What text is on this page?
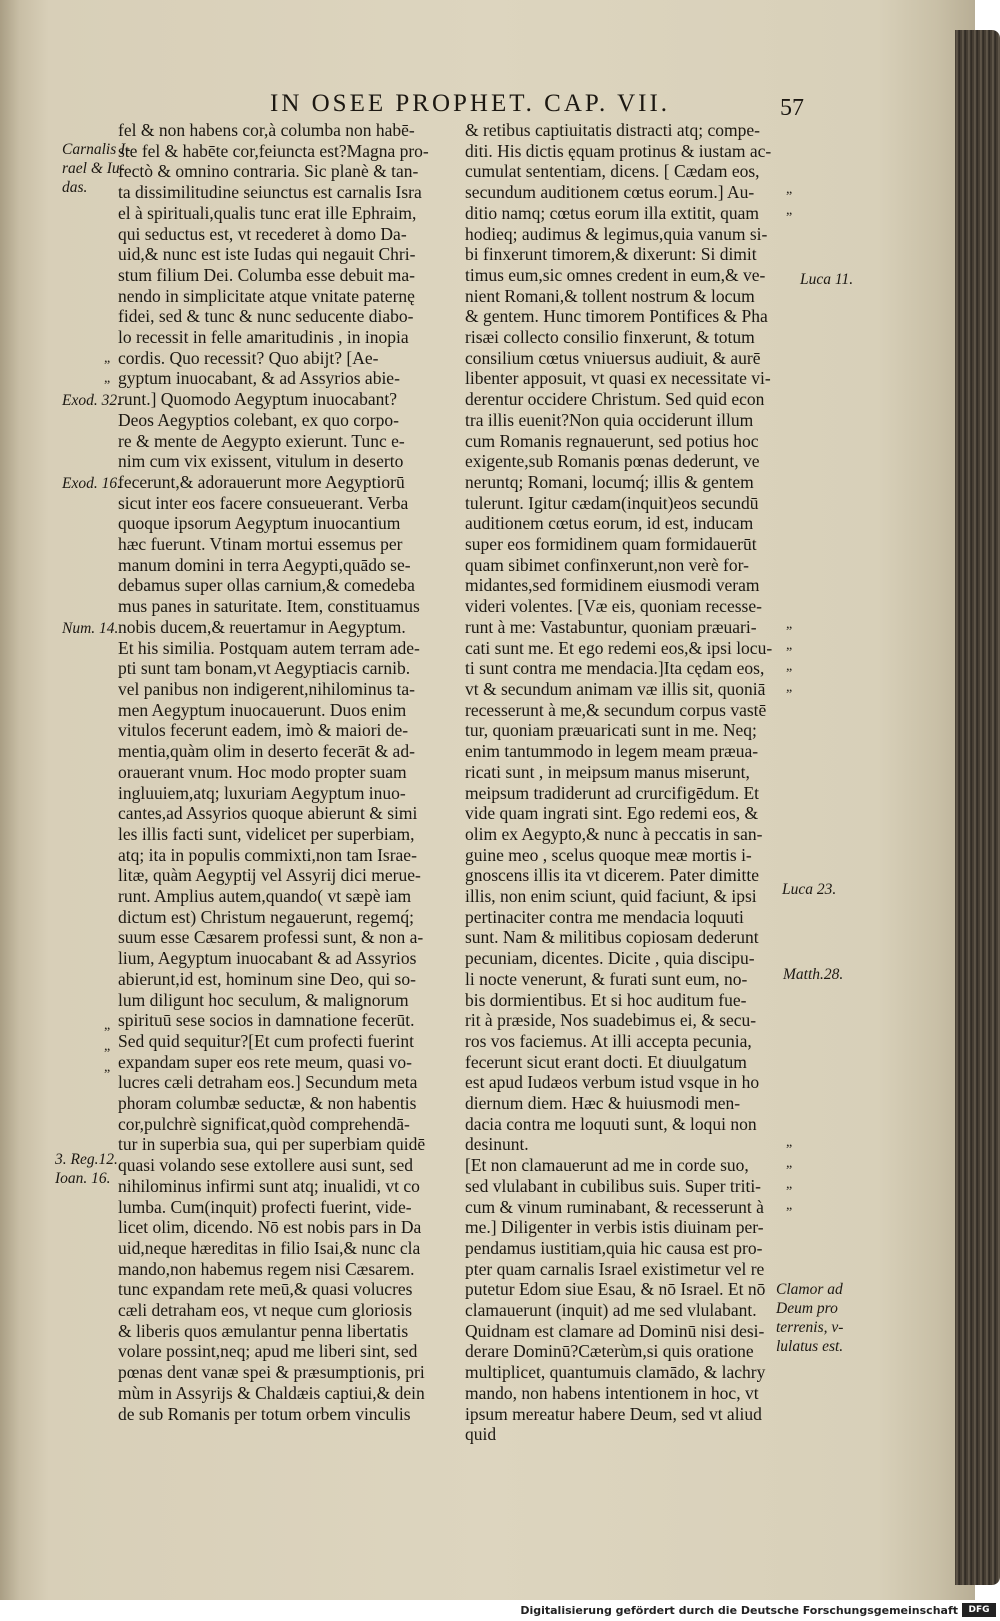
IN OSEE PROPHET. CAP. VII.	57
fel & non habens cor,à columba non habē-
ste fel & habēte cor,feiuncta est?Magna pro-
fectò & omnino contraria. Sic planè & tan-
ta dissimilitudine seiunctus est carnalis Isra
el à spirituali,qualis tunc erat ille Ephraim,
qui seductus est, vt recederet à domo Da-
uid,& nunc est iste Iudas qui negauit Chri-
stum filium Dei. Columba esse debuit ma-
nendo in simplicitate atque vnitate paternę
fidei, sed & tunc & nunc seducente diabo-
lo recessit in felle amaritudinis , in inopia
cordis. Quo recessit? Quo abijt? [Ae-
gyptum inuocabant, & ad Assyrios abie-
runt.] Quomodo Aegyptum inuocabant?
Deos Aegyptios colebant, ex quo corpo-
re & mente de Aegypto exierunt. Tunc e-
nim cum vix exissent, vitulum in deserto
fecerunt,& adorauerunt more Aegyptiorū
sicut inter eos facere consueuerant. Verba
quoque ipsorum Aegyptum inuocantium
hæc fuerunt. Vtinam mortui essemus per
manum domini in terra Aegypti,quādo se-
debamus super ollas carnium,& comedeba
mus panes in saturitate. Item, constituamus
nobis ducem,& reuertamur in Aegyptum.
Et his similia. Postquam autem terram ade-
pti sunt tam bonam,vt Aegyptiacis carnib.
vel panibus non indigerent,nihilominus ta-
men Aegyptum inuocauerunt. Duos enim
vitulos fecerunt eadem, imò & maiori de-
mentia,quàm olim in deserto fecerāt & ad-
orauerant vnum. Hoc modo propter suam
ingluuiem,atq; luxuriam Aegyptum inuo-
cantes,ad Assyrios quoque abierunt & simi
les illis facti sunt, videlicet per superbiam,
atq; ita in populis commixti,non tam Israe-
litæ, quàm Aegyptij vel Assyrij dici merue-
runt. Amplius autem,quando( vt sæpè iam
dictum est) Christum negauerunt, regemq́;
suum esse Cæsarem professi sunt, & non a-
lium, Aegyptum inuocabant & ad Assyrios
abierunt,id est, hominum sine Deo, qui so-
lum diligunt hoc seculum, & malignorum
spirituū sese socios in damnatione fecerūt.
Sed quid sequitur?[Et cum profecti fuerint
expandam super eos rete meum, quasi vo-
lucres cæli detraham eos.] Secundum meta
phoram columbæ seductæ, & non habentis
cor,pulchrè significat,quòd comprehendā-
tur in superbia sua, qui per superbiam quidē
quasi volando sese extollere ausi sunt, sed
nihilominus infirmi sunt atq; inualidi, vt co
lumba. Cum(inquit) profecti fuerint, vide-
licet olim, dicendo. Nō est nobis pars in Da
uid,neque hæreditas in filio Isai,& nunc cla
mando,non habemus regem nisi Cæsarem.
tunc expandam rete meū,& quasi volucres
cæli detraham eos, vt neque cum gloriosis
& liberis quos æmulantur penna libertatis
volare possint,neq; apud me liberi sint, sed
pœnas dent vanæ spei & præsumptionis, pri
mùm in Assyrijs & Chaldæis captiui,& dein
de sub Romanis per totum orbem vinculis
& retibus captiuitatis distracti atq; compe-
diti. His dictis ęquam protinus & iustam ac-
cumulat sententiam, dicens. [ Cædam eos,
secundum auditionem cœtus eorum.] Au-
ditio namq; cœtus eorum illa extitit, quam
hodieq; audimus & legimus,quia vanum si-
bi finxerunt timorem,& dixerunt: Si dimit
timus eum,sic omnes credent in eum,& ve-
nient Romani,& tollent nostrum & locum
& gentem. Hunc timorem Pontifices & Pha
risæi collecto consilio finxerunt, & totum
consilium cœtus vniuersus audiuit, & aurē
libenter apposuit, vt quasi ex necessitate vi-
derentur occidere Christum. Sed quid econ
tra illis euenit?Non quia occiderunt illum
cum Romanis regnauerunt, sed potius hoc
exigente,sub Romanis pœnas dederunt, ve
neruntq; Romani, locumq́; illis & gentem
tulerunt. Igitur cædam(inquit)eos secundū
auditionem cœtus eorum, id est, inducam
super eos formidinem quam formidauerūt
quam sibimet confinxerunt,non verè for-
midantes,sed formidinem eiusmodi veram
videri volentes. [Væ eis, quoniam recesse-
runt à me: Vastabuntur, quoniam præuari-
cati sunt me. Et ego redemi eos,& ipsi locu-
ti sunt contra me mendacia.]Ita cędam eos,
vt & secundum animam væ illis sit, quoniā
recesserunt à me,& secundum corpus vastē
tur, quoniam præuaricati sunt in me. Neq;
enim tantummodo in legem meam præua-
ricati sunt , in meipsum manus miserunt,
meipsum tradiderunt ad crurcifigēdum. Et
vide quam ingrati sint. Ego redemi eos, &
olim ex Aegypto,& nunc à peccatis in san-
guine meo , scelus quoque meæ mortis i-
gnoscens illis ita vt dicerem. Pater dimitte
illis, non enim sciunt, quid faciunt, & ipsi
pertinaciter contra me mendacia loquuti
sunt. Nam & militibus copiosam dederunt
pecuniam, dicentes. Dicite , quia discipu-
li nocte venerunt, & furati sunt eum, no-
bis dormientibus. Et si hoc auditum fue-
rit à præside, Nos suadebimus ei, & secu-
ros vos faciemus. At illi accepta pecunia,
fecerunt sicut erant docti. Et diuulgatum
est apud Iudæos verbum istud vsque in ho
diernum diem. Hæc & huiusmodi men-
dacia contra me loquuti sunt, & loqui non
desinunt.
[Et non clamauerunt ad me in corde suo,
sed vlulabant in cubilibus suis. Super triti-
cum & vinum ruminabant, & recesserunt à
me.] Diligenter in verbis istis diuinam per-
pendamus iustitiam,quia hic causa est pro-
pter quam carnalis Israel existimetur vel re
putetur Edom siue Esau, & nō Israel. Et nō
clamauerunt (inquit) ad me sed vlulabant.
Quidnam est clamare ad Dominū nisi desi-
derare Dominū?Cæterùm,si quis oratione
multiplicet, quantumuis clamādo, & lachry
mando, non habens intentionem in hoc, vt
ipsum mereatur habere Deum, sed vt aliud
quid
Carnalis I-
rael & Iu-
das.
Exod. 32.
Exod. 16.
Num. 14.
3. Reg.12.
Ioan. 16.
Luca 11.
Luca 23.
Matth.28.
Clamor ad
Deum pro
terrenis, v-
lulatus est.
„
„
„
„
„
„
„
„
„
„
„
„
„
„
„
Digitalisierung gefördert durch die Deutsche Forschungsgemeinschaft	DFG
